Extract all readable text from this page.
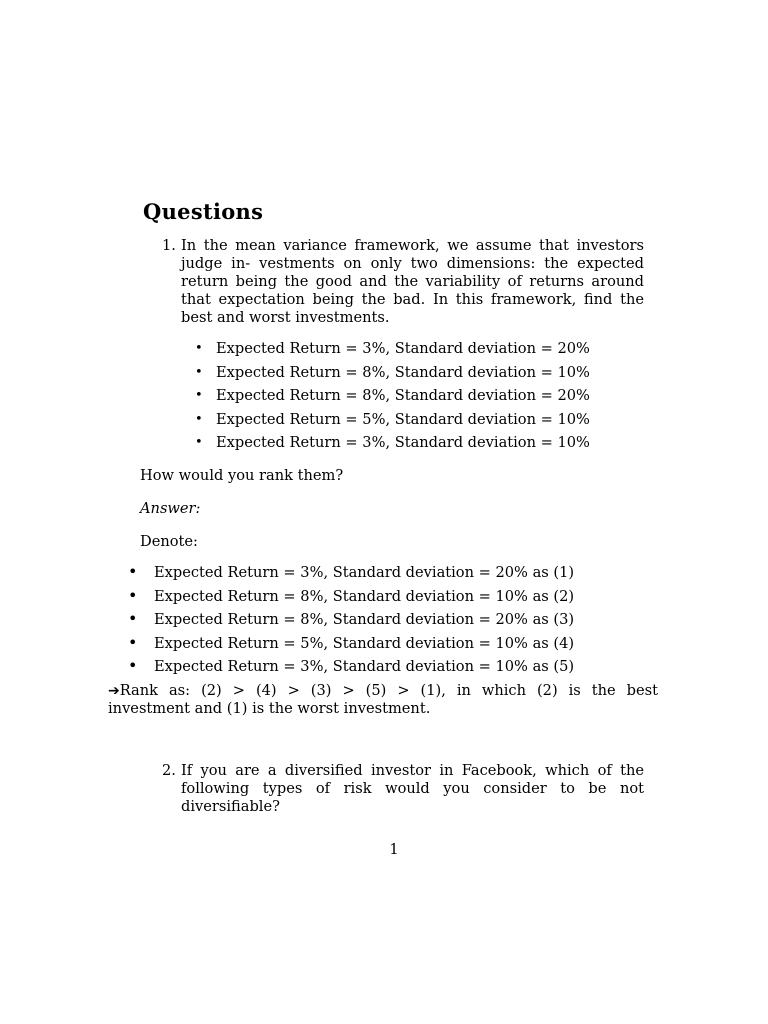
Questions
1. In the mean variance framework, we assume that investors judge in- vestments on only two dimensions: the expected return being the good and the variability of returns around that expectation being the bad. In this framework, find the best and worst investments.
• Expected Return = 3%, Standard deviation = 20%
• Expected Return = 8%, Standard deviation = 10%
• Expected Return = 8%, Standard deviation = 20%
• Expected Return = 5%, Standard deviation = 10%
• Expected Return = 3%, Standard deviation = 10%

How would you rank them?

Answer:

Denote:

• Expected Return = 3%, Standard deviation = 20% as (1)
• Expected Return = 8%, Standard deviation = 10% as (2)
• Expected Return = 8%, Standard deviation = 20% as (3)
• Expected Return = 5%, Standard deviation = 10% as (4)
• Expected Return = 3%, Standard deviation = 10% as (5)
➔Rank as: (2) > (4) > (3) > (5) > (1), in which (2) is the best
investment and (1) is the worst investment.
2. If you are a diversified investor in Facebook, which of the following types of risk would you consider to be not diversifiable?
1
